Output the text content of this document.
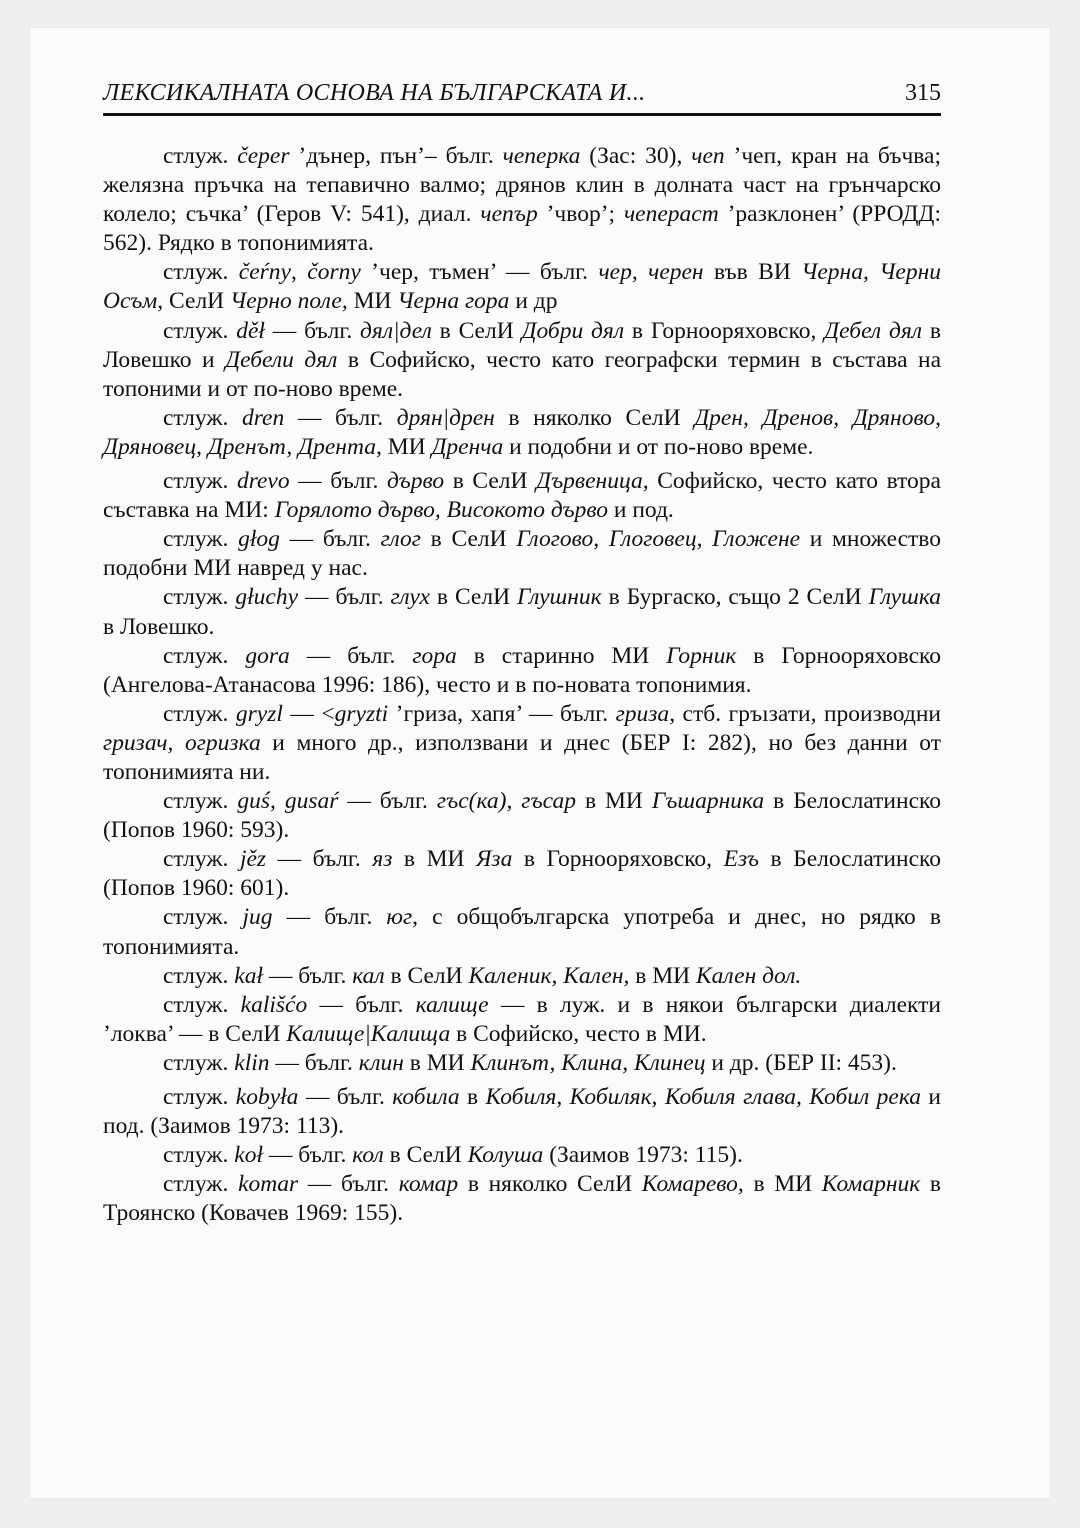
ЛЕКСИКАЛНАТА ОСНОВА НА БЪЛГАРСКАТА И...	315

стлуж. čeper ’дънер, пън’– бълг. чеперка (Зас: 30), чеп ’чеп, кран на бъчва; желязна пръчка на тепавично валмо; дрянов клин в долната част на грънчарско колело; съчка’ (Геров V: 541), диал. чепър ’чвор’; чепераст ’разклонен’ (РРОДД: 562). Рядко в топонимията.

стлуж. čeŕny, čorny ’чер, тъмен’ — бълг. чер, черен във ВИ Черна, Черни Осъм, СелИ Черно поле, МИ Черна гора и др

стлуж. děł — бълг. дял|дел в СелИ Добри дял в Горнооряховско, Дебел дял в Ловешко и Дебели дял в Софийско, често като географски термин в състава на топоними и от по-ново време.

стлуж. dren — бълг. дрян|дрен в няколко СелИ Дрен, Дренов, Дряново, Дряновец, Дренът, Дрента, МИ Дренча и подобни и от по-ново време.

стлуж. drevo — бълг. дърво в СелИ Дървеница, Софийско, често като втора съставка на МИ: Горялото дърво, Високото дърво и под.

стлуж. głog — бълг. глог в СелИ Глогово, Глоговец, Гложене и множество подобни МИ навред у нас.

стлуж. głuchy — бълг. глух в СелИ Глушник в Бургаско, също 2 СелИ Глушка в Ловешко.

стлуж. gora — бълг. гора в старинно МИ Горник в Горнооряховско (Ангелова-Атанасова 1996: 186), често и в по-новата топонимия.

стлуж. gryzl — <gryzti ’гриза, хапя’ — бълг. гриза, стб. гръıзати, производни гризач, огризка и много др., използвани и днес (БЕР I: 282), но без данни от топонимията ни.

стлуж. guś, gusaŕ — бълг. гъс(ка), гъсар в МИ Гъшарника в Белослатинско (Попов 1960: 593).

стлуж. jěz — бълг. яз в МИ Яза в Горнооряховско, Езъ в Белослатинско (Попов 1960: 601).

стлуж. jug — бълг. юг, с общобългарска употреба и днес, но рядко в топонимията.

стлуж. kał — бълг. кал в СелИ Каленик, Кален, в МИ Кален дол.

стлуж. kališćo — бълг. калище — в луж. и в някои български диалекти ’локва’ — в СелИ Калище|Калища в Софийско, често в МИ.

стлуж. klin — бълг. клин в МИ Клинът, Клина, Клинец и др. (БЕР II: 453).

стлуж. kobyła — бълг. кобила в Кобиля, Кобиляк, Кобиля глава, Кобил река и под. (Заимов 1973: 113).

стлуж. koł — бълг. кол в СелИ Колуша (Заимов 1973: 115).

стлуж. komar — бълг. комар в няколко СелИ Комарево, в МИ Комарник в Троянско (Ковачев 1969: 155).
